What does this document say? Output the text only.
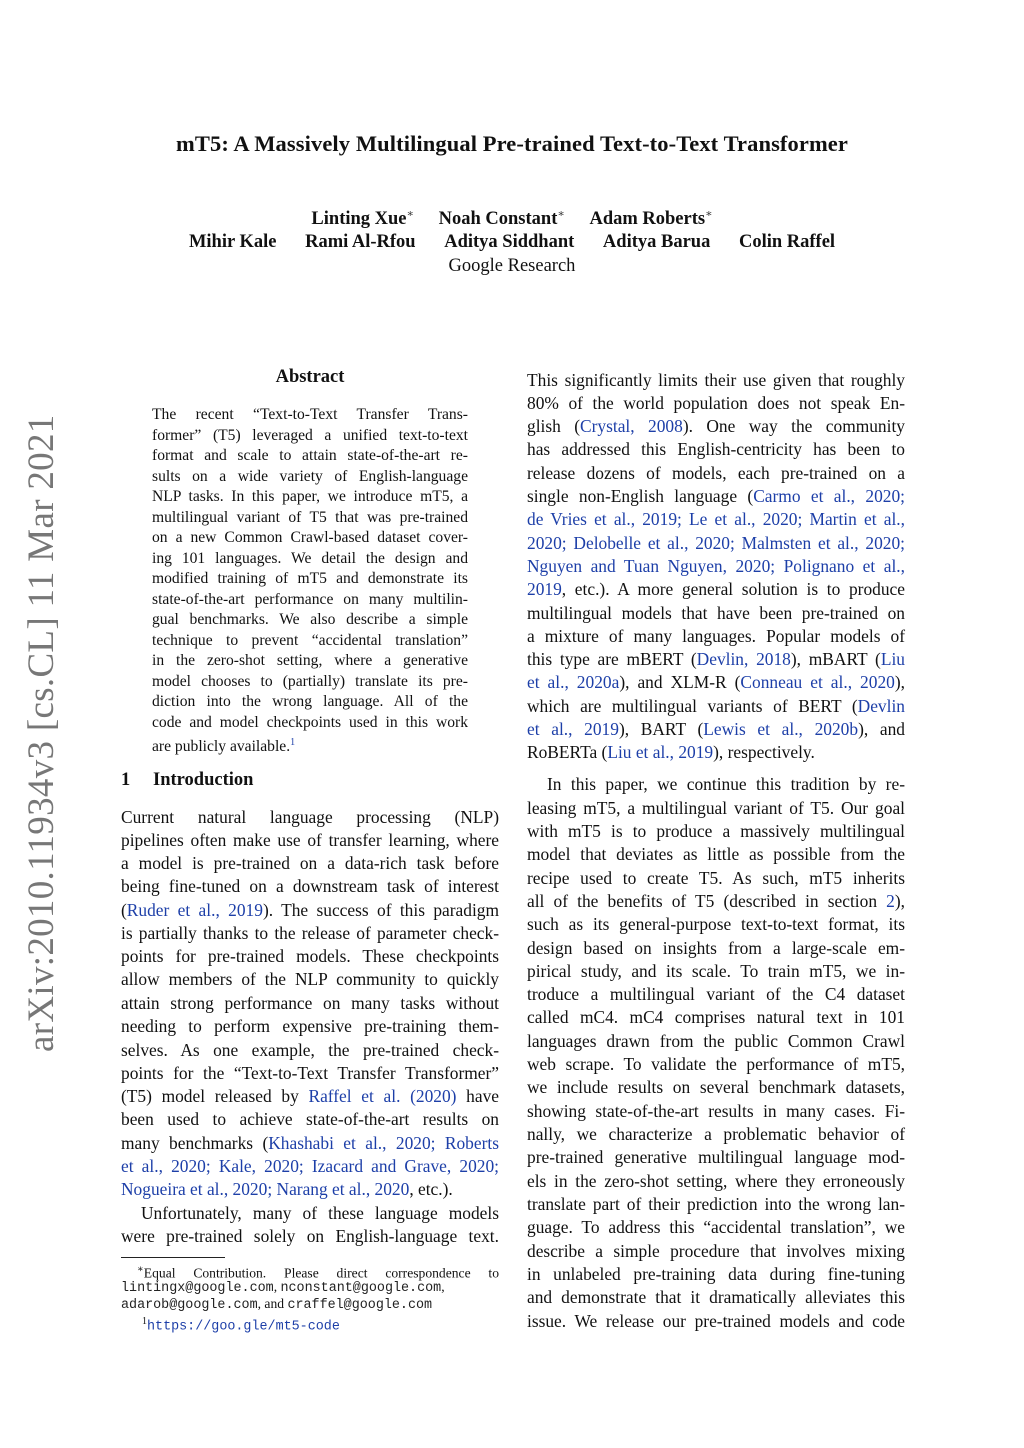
mT5: A Massively Multilingual Pre-trained Text-to-Text Transformer
Linting Xue∗ Noah Constant∗ Adam Roberts∗
Mihir Kale Rami Al-Rfou Aditya Siddhant Aditya Barua Colin Raffel
Google Research
arXiv:2010.11934v3 [cs.CL] 11 Mar 2021
Abstract
The recent “Text-to-Text Transfer Trans-
former” (T5) leveraged a unified text-to-text
format and scale to attain state-of-the-art re-
sults on a wide variety of English-language
NLP tasks. In this paper, we introduce mT5, a
multilingual variant of T5 that was pre-trained
on a new Common Crawl-based dataset cover-
ing 101 languages. We detail the design and
modified training of mT5 and demonstrate its
state-of-the-art performance on many multilin-
gual benchmarks. We also describe a simple
technique to prevent “accidental translation”
in the zero-shot setting, where a generative
model chooses to (partially) translate its pre-
diction into the wrong language. All of the
code and model checkpoints used in this work
are publicly available.$^1$
1 Introduction
Current natural language processing (NLP)
pipelines often make use of transfer learning, where
a model is pre-trained on a data-rich task before
being fine-tuned on a downstream task of interest
(Ruder et al., 2019). The success of this paradigm
is partially thanks to the release of parameter check-
points for pre-trained models. These checkpoints
allow members of the NLP community to quickly
attain strong performance on many tasks without
needing to perform expensive pre-training them-
selves. As one example, the pre-trained check-
points for the “Text-to-Text Transfer Transformer”
(T5) model released by Raffel et al. (2020) have
been used to achieve state-of-the-art results on
many benchmarks (Khashabi et al., 2020; Roberts
et al., 2020; Kale, 2020; Izacard and Grave, 2020;
Nogueira et al., 2020; Narang et al., 2020, etc.).
Unfortunately, many of these language models
were pre-trained solely on English-language text.
∗Equal Contribution. Please direct correspondence to
lintingx@google.com, nconstant@google.com,
adarob@google.com, and craffel@google.com
$^1$https://goo.gle/mt5-code
This significantly limits their use given that roughly
80% of the world population does not speak En-
glish (Crystal, 2008). One way the community
has addressed this English-centricity has been to
release dozens of models, each pre-trained on a
single non-English language (Carmo et al., 2020;
de Vries et al., 2019; Le et al., 2020; Martin et al.,
2020; Delobelle et al., 2020; Malmsten et al., 2020;
Nguyen and Tuan Nguyen, 2020; Polignano et al.,
2019, etc.). A more general solution is to produce
multilingual models that have been pre-trained on
a mixture of many languages. Popular models of
this type are mBERT (Devlin, 2018), mBART (Liu
et al., 2020a), and XLM-R (Conneau et al., 2020),
which are multilingual variants of BERT (Devlin
et al., 2019), BART (Lewis et al., 2020b), and
RoBERTa (Liu et al., 2019), respectively.
In this paper, we continue this tradition by re-
leasing mT5, a multilingual variant of T5. Our goal
with mT5 is to produce a massively multilingual
model that deviates as little as possible from the
recipe used to create T5. As such, mT5 inherits
all of the benefits of T5 (described in section 2),
such as its general-purpose text-to-text format, its
design based on insights from a large-scale em-
pirical study, and its scale. To train mT5, we in-
troduce a multilingual variant of the C4 dataset
called mC4. mC4 comprises natural text in 101
languages drawn from the public Common Crawl
web scrape. To validate the performance of mT5,
we include results on several benchmark datasets,
showing state-of-the-art results in many cases. Fi-
nally, we characterize a problematic behavior of
pre-trained generative multilingual language mod-
els in the zero-shot setting, where they erroneously
translate part of their prediction into the wrong lan-
guage. To address this “accidental translation”, we
describe a simple procedure that involves mixing
in unlabeled pre-training data during fine-tuning
and demonstrate that it dramatically alleviates this
issue. We release our pre-trained models and code
